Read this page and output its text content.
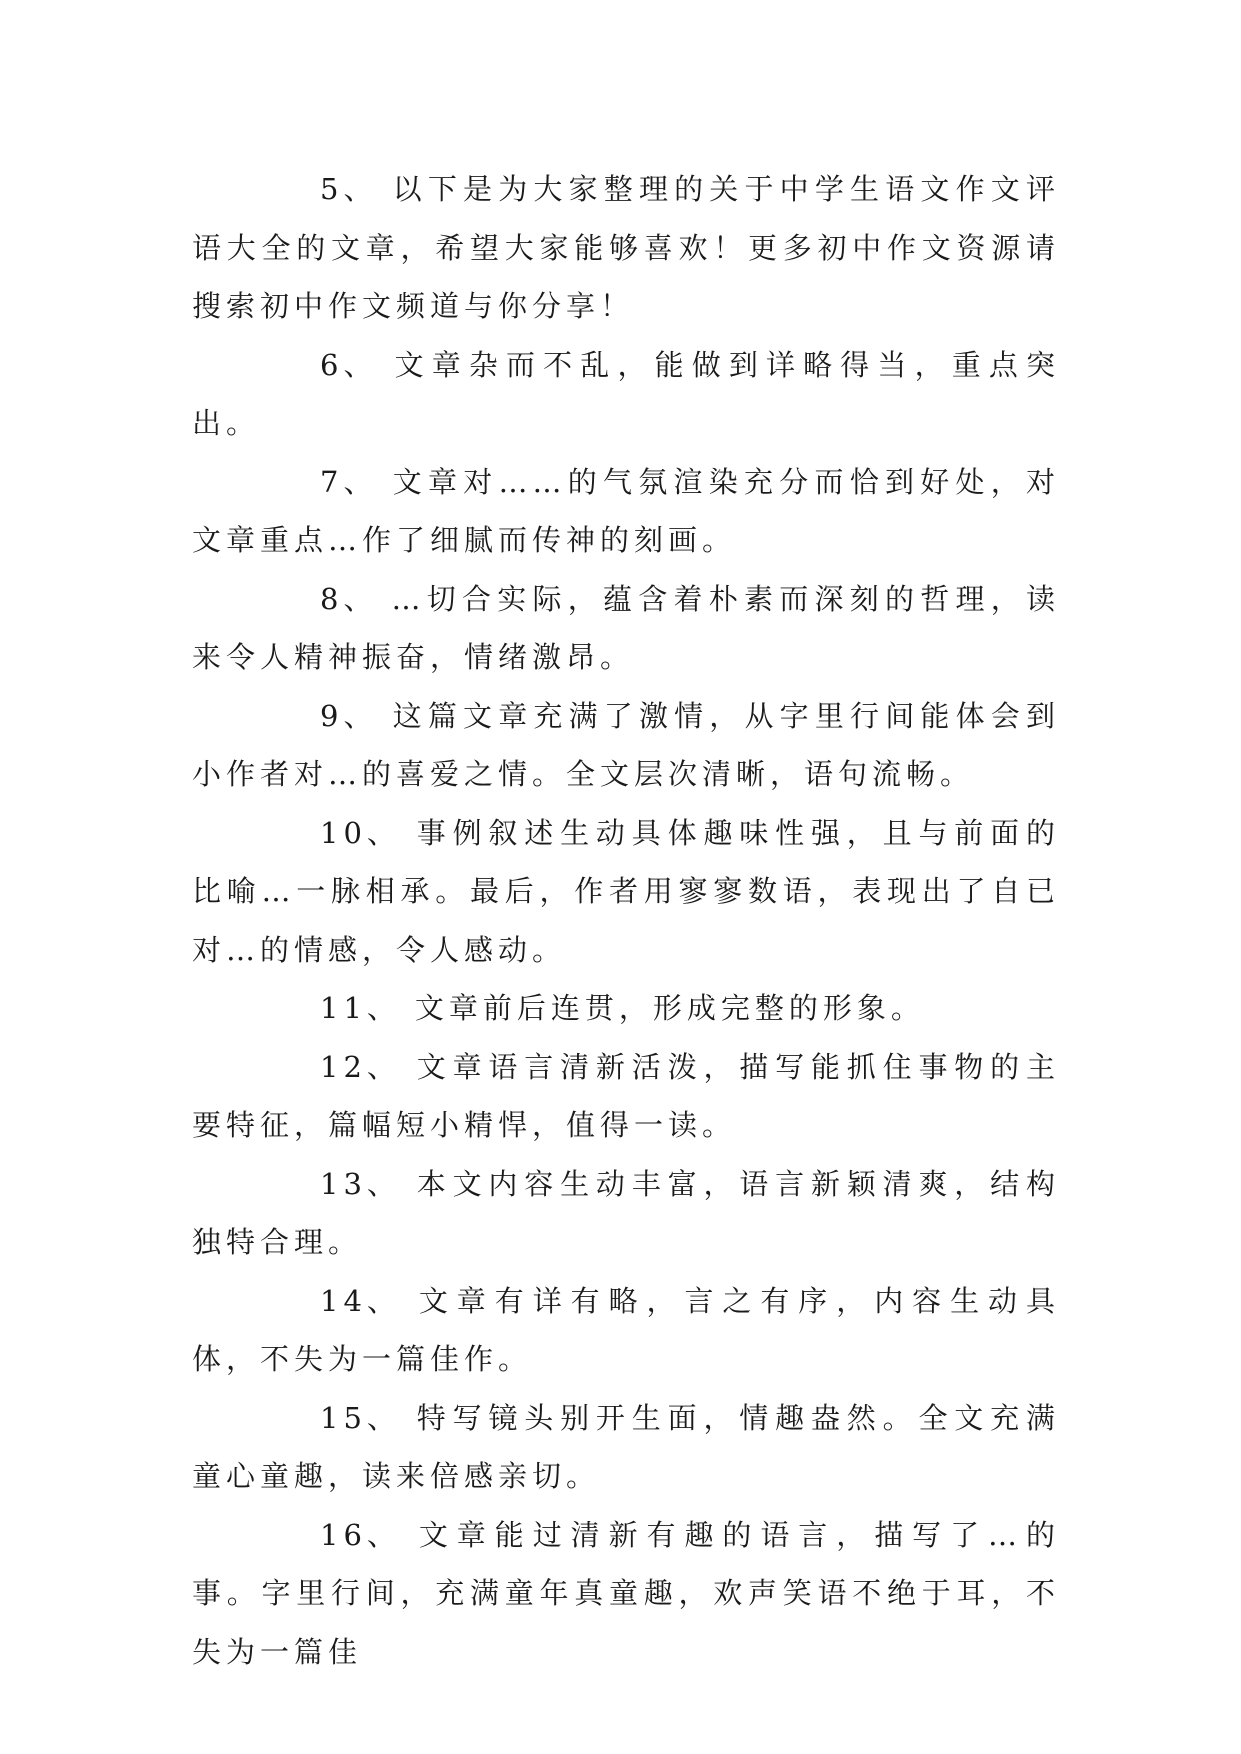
5、 以下是为大家整理的关于中学生语文作文评语大全的文章，希望大家能够喜欢！更多初中作文资源请搜索初中作文频道与你分享！

6、 文章杂而不乱，能做到详略得当，重点突出。

7、 文章对……的气氛渲染充分而恰到好处，对文章重点…作了细腻而传神的刻画。

8、 …切合实际，蕴含着朴素而深刻的哲理，读来令人精神振奋，情绪激昂。

9、 这篇文章充满了激情，从字里行间能体会到小作者对…的喜爱之情。全文层次清晰，语句流畅。

10、 事例叙述生动具体趣味性强，且与前面的比喻…一脉相承。最后，作者用寥寥数语，表现出了自已对…的情感，令人感动。

11、 文章前后连贯，形成完整的形象。

12、 文章语言清新活泼，描写能抓住事物的主要特征，篇幅短小精悍，值得一读。

13、 本文内容生动丰富，语言新颖清爽，结构独特合理。

14、 文章有详有略，言之有序，内容生动具体，不失为一篇佳作。

15、 特写镜头别开生面，情趣盎然。全文充满童心童趣，读来倍感亲切。

16、 文章能过清新有趣的语言，描写了…的事。字里行间，充满童年真童趣，欢声笑语不绝于耳，不失为一篇佳
